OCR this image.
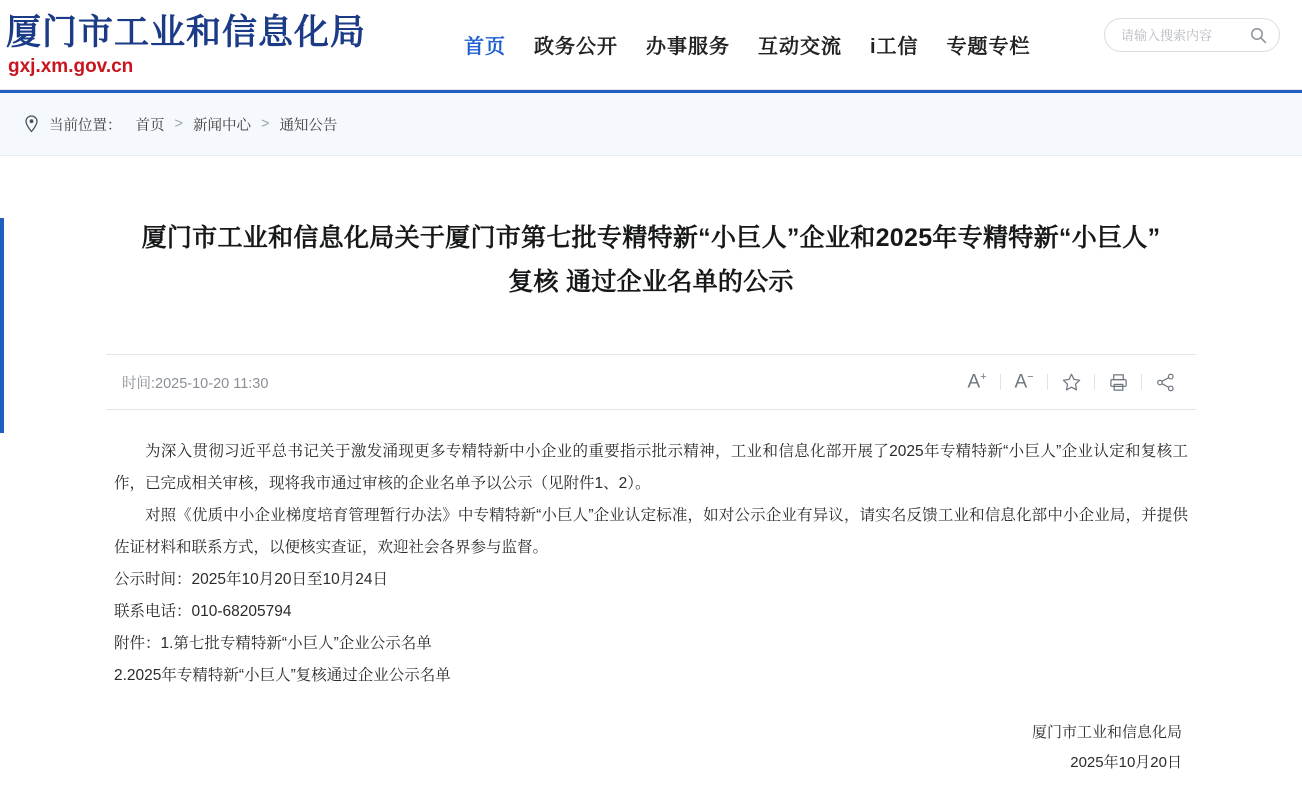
厦门市工业和信息化局
gxj.xm.gov.cn
首页 政务公开 办事服务 互动交流 i工信 专题专栏
请输入搜索内容
当前位置： 首页 > 新闻中心 > 通知公告
厦门市工业和信息化局关于厦门市第七批专精特新“小巨人”企业和2025年专精特新“小巨人”复核 通过企业名单的公示
时间:2025-10-20 11:30	A+ A−

为深入贯彻习近平总书记关于激发涌现更多专精特新中小企业的重要指示批示精神，工业和信息化部开展了2025年专精特新“小巨人”企业认定和复核工作，已完成相关审核，现将我市通过审核的企业名单予以公示（见附件1、2）。

对照《优质中小企业梯度培育管理暂行办法》中专精特新“小巨人”企业认定标准，如对公示企业有异议，请实名反馈工业和信息化部中小企业局，并提供佐证材料和联系方式，以便核实查证，欢迎社会各界参与监督。

公示时间：2025年10月20日至10月24日

联系电话：010-68205794

附件：1.第七批专精特新“小巨人”企业公示名单

2.2025年专精特新“小巨人”复核通过企业公示名单

厦门市工业和信息化局
2025年10月20日
